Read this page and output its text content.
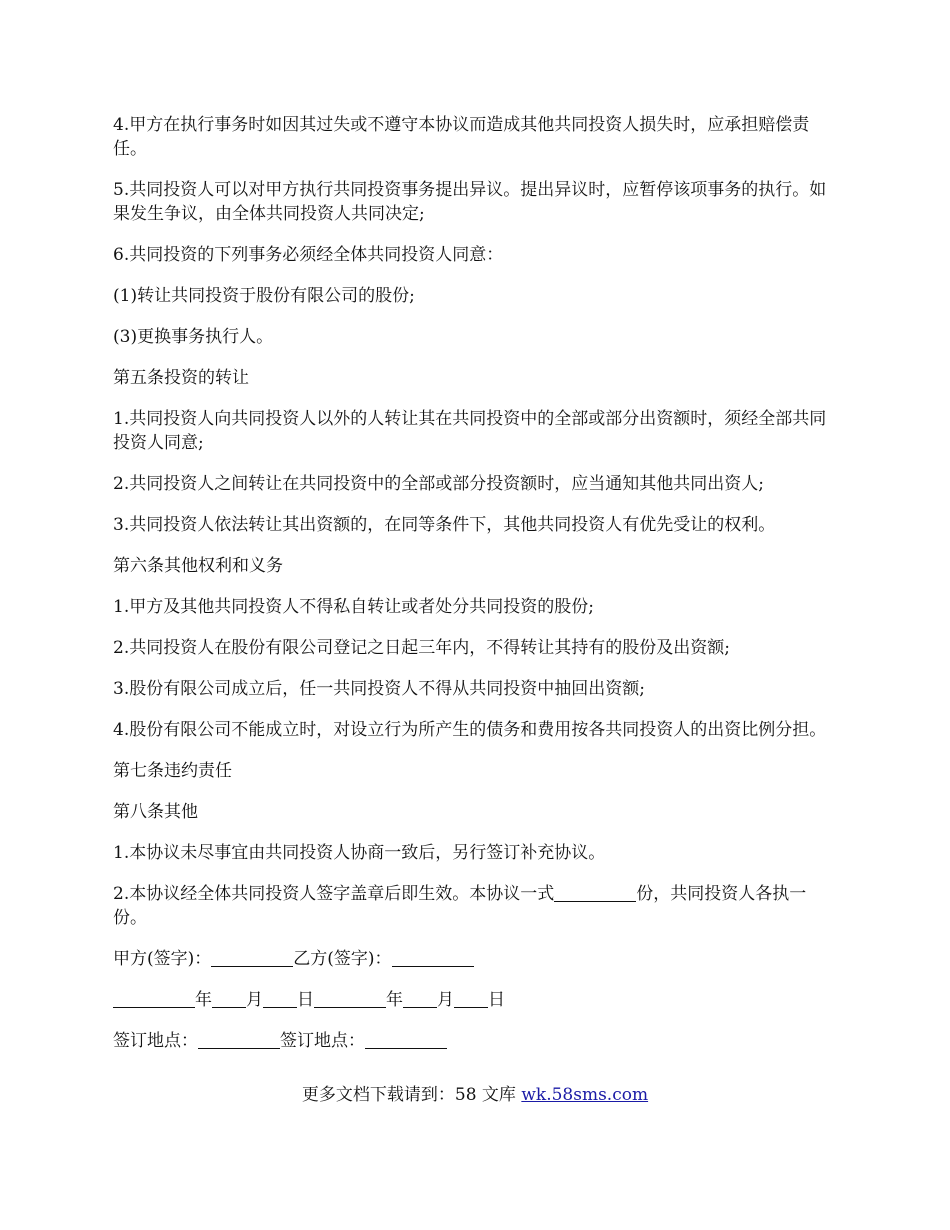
4.甲方在执行事务时如因其过失或不遵守本协议而造成其他共同投资人损失时，应承担赔偿责任。

5.共同投资人可以对甲方执行共同投资事务提出异议。提出异议时，应暂停该项事务的执行。如果发生争议，由全体共同投资人共同决定;

6.共同投资的下列事务必须经全体共同投资人同意：

(1)转让共同投资于股份有限公司的股份;

(3)更换事务执行人。

第五条投资的转让

1.共同投资人向共同投资人以外的人转让其在共同投资中的全部或部分出资额时，须经全部共同投资人同意;

2.共同投资人之间转让在共同投资中的全部或部分投资额时，应当通知其他共同出资人;

3.共同投资人依法转让其出资额的，在同等条件下，其他共同投资人有优先受让的权利。

第六条其他权利和义务

1.甲方及其他共同投资人不得私自转让或者处分共同投资的股份;

2.共同投资人在股份有限公司登记之日起三年内，不得转让其持有的股份及出资额;

3.股份有限公司成立后，任一共同投资人不得从共同投资中抽回出资额;

4.股份有限公司不能成立时，对设立行为所产生的债务和费用按各共同投资人的出资比例分担。

第七条违约责任

第八条其他

1.本协议未尽事宜由共同投资人协商一致后，另行签订补充协议。

2.本协议经全体共同投资人签字盖章后即生效。本协议一式	份，共同投资人各执一份。

甲方(签字)：	乙方(签字)：

年 月 日	年 月 日

签订地点：	签订地点：

更多文档下载请到：58 文库 wk.58sms.com
